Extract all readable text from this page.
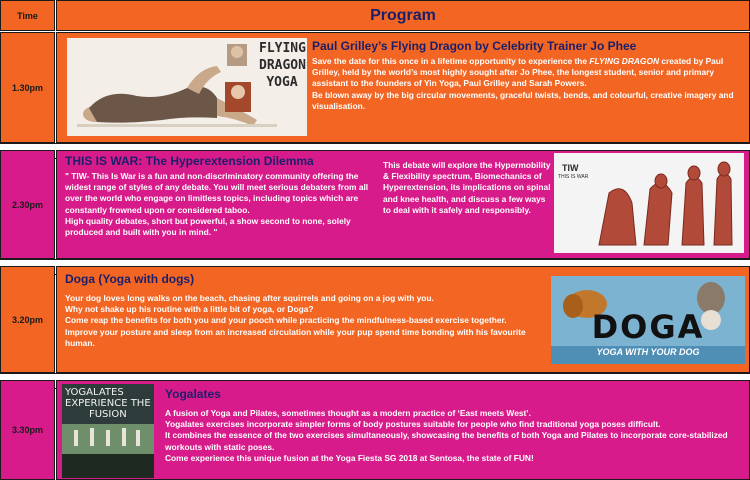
Time	Program
1.30pm
FLYING
DRAGON
YOGA
Paul Grilley’s Flying Dragon by Celebrity Trainer Jo Phee
Save the date for this once in a lifetime opportunity to experience the FLYING DRAGON created by Paul Grilley, held by the world’s most highly sought after Jo Phee, the longest student, senior and primary assistant to the founders of Yin Yoga, Paul Grilley and Sarah Powers.
Be blown away by the big circular movements, graceful twists, bends, and colourful, creative imagery and visualisation.
2.30pm
THIS IS WAR: The Hyperextension Dilemma
" TIW- This Is War is a fun and non-discriminatory community offering the widest range of styles of any debate. You will meet serious debaters from all over the world who engage on limitless topics, including topics which are constantly frowned upon or considered taboo.
High quality debates, short but powerful, a show second to none, solely produced and built with you in mind. "
This debate will explore the Hypermobility & Flexibility spectrum, Biomechanics of Hyperextension, its implications on spinal and knee health, and discuss a few ways to deal with it safely and responsibly.
TIW
THIS IS WAR
3.20pm
Doga (Yoga with dogs)
Your dog loves long walks on the beach, chasing after squirrels and going on a jog with you.
Why not shake up his routine with a little bit of yoga, or Doga?
Come reap the benefits for both you and your pooch while practicing the mindfulness-based exercise together.
Improve your posture and sleep from an increased circulation while your pup spend time bonding with his favourite human.	DOGA
YOGA WITH YOUR DOG
3.30pm
YOGALATES
EXPERIENCE THE
FUSION
Yogalates
A fusion of Yoga and Pilates, sometimes thought as a modern practice of ‘East meets West’.
Yogalates exercises incorporate simpler forms of body postures suitable for people who find traditional yoga poses difficult.
It combines the essence of the two exercises simultaneously, showcasing the benefits of both Yoga and Pilates to incorporate core-stabilized workouts with static poses.
Come experience this unique fusion at the Yoga Fiesta SG 2018 at Sentosa, the state of FUN!
